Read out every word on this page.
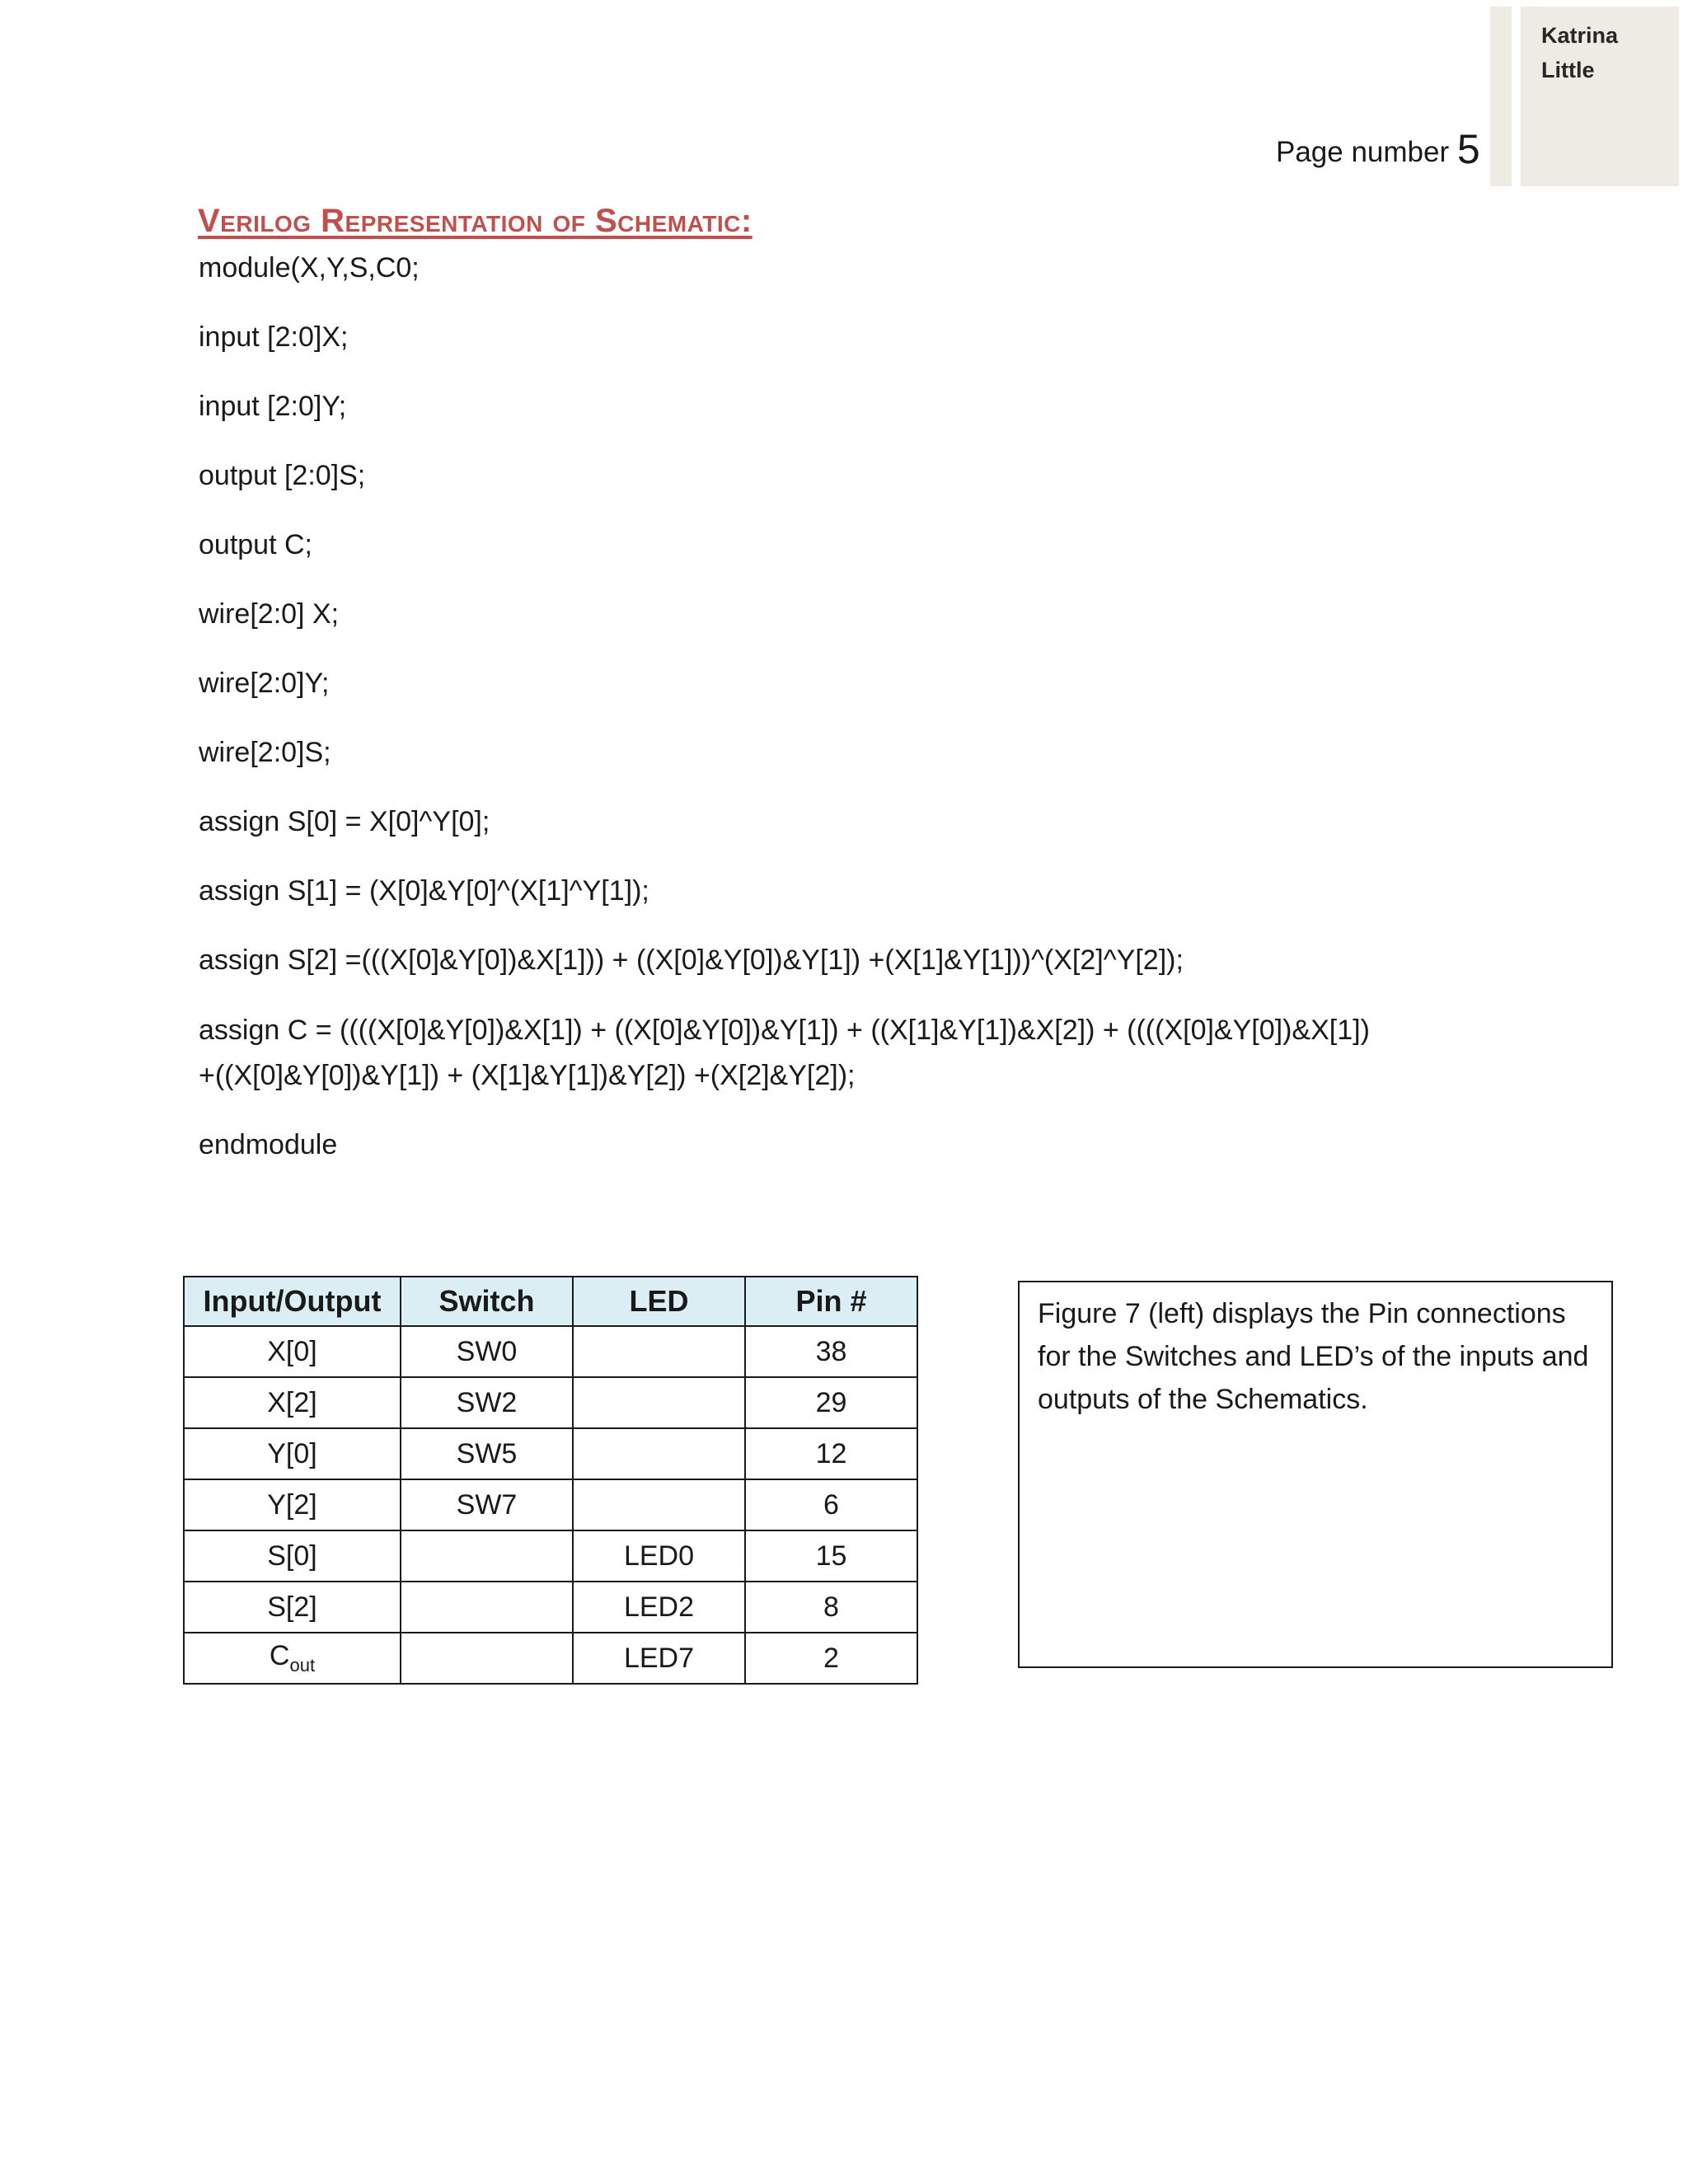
Katrina
Little
Page number 5
Verilog Representation of Schematic:
module(X,Y,S,C0;
input [2:0]X;
input [2:0]Y;
output [2:0]S;
output C;
wire[2:0] X;
wire[2:0]Y;
wire[2:0]S;
assign S[0] = X[0]^Y[0];
assign S[1] = (X[0]&Y[0]^(X[1]^Y[1]);
assign S[2] =(((X[0]&Y[0])&X[1])) + ((X[0]&Y[0])&Y[1]) +(X[1]&Y[1]))^(X[2]^Y[2]);
assign C = ((((X[0]&Y[0])&X[1]) + ((X[0]&Y[0])&Y[1]) + ((X[1]&Y[1])&X[2]) + ((((X[0]&Y[0])&X[1])
+((X[0]&Y[0])&Y[1]) + (X[1]&Y[1])&Y[2]) +(X[2]&Y[2]);
endmodule
Input/Output	Switch	LED	Pin #
X[0]	SW0		38
X[2]	SW2		29
Y[0]	SW5		12
Y[2]	SW7		6
S[0]		LED0	15
S[2]		LED2	8
$C_{out}$		LED7	2
Figure 7 (left) displays the Pin connections for the Switches and LED’s of the inputs and outputs of the Schematics.
